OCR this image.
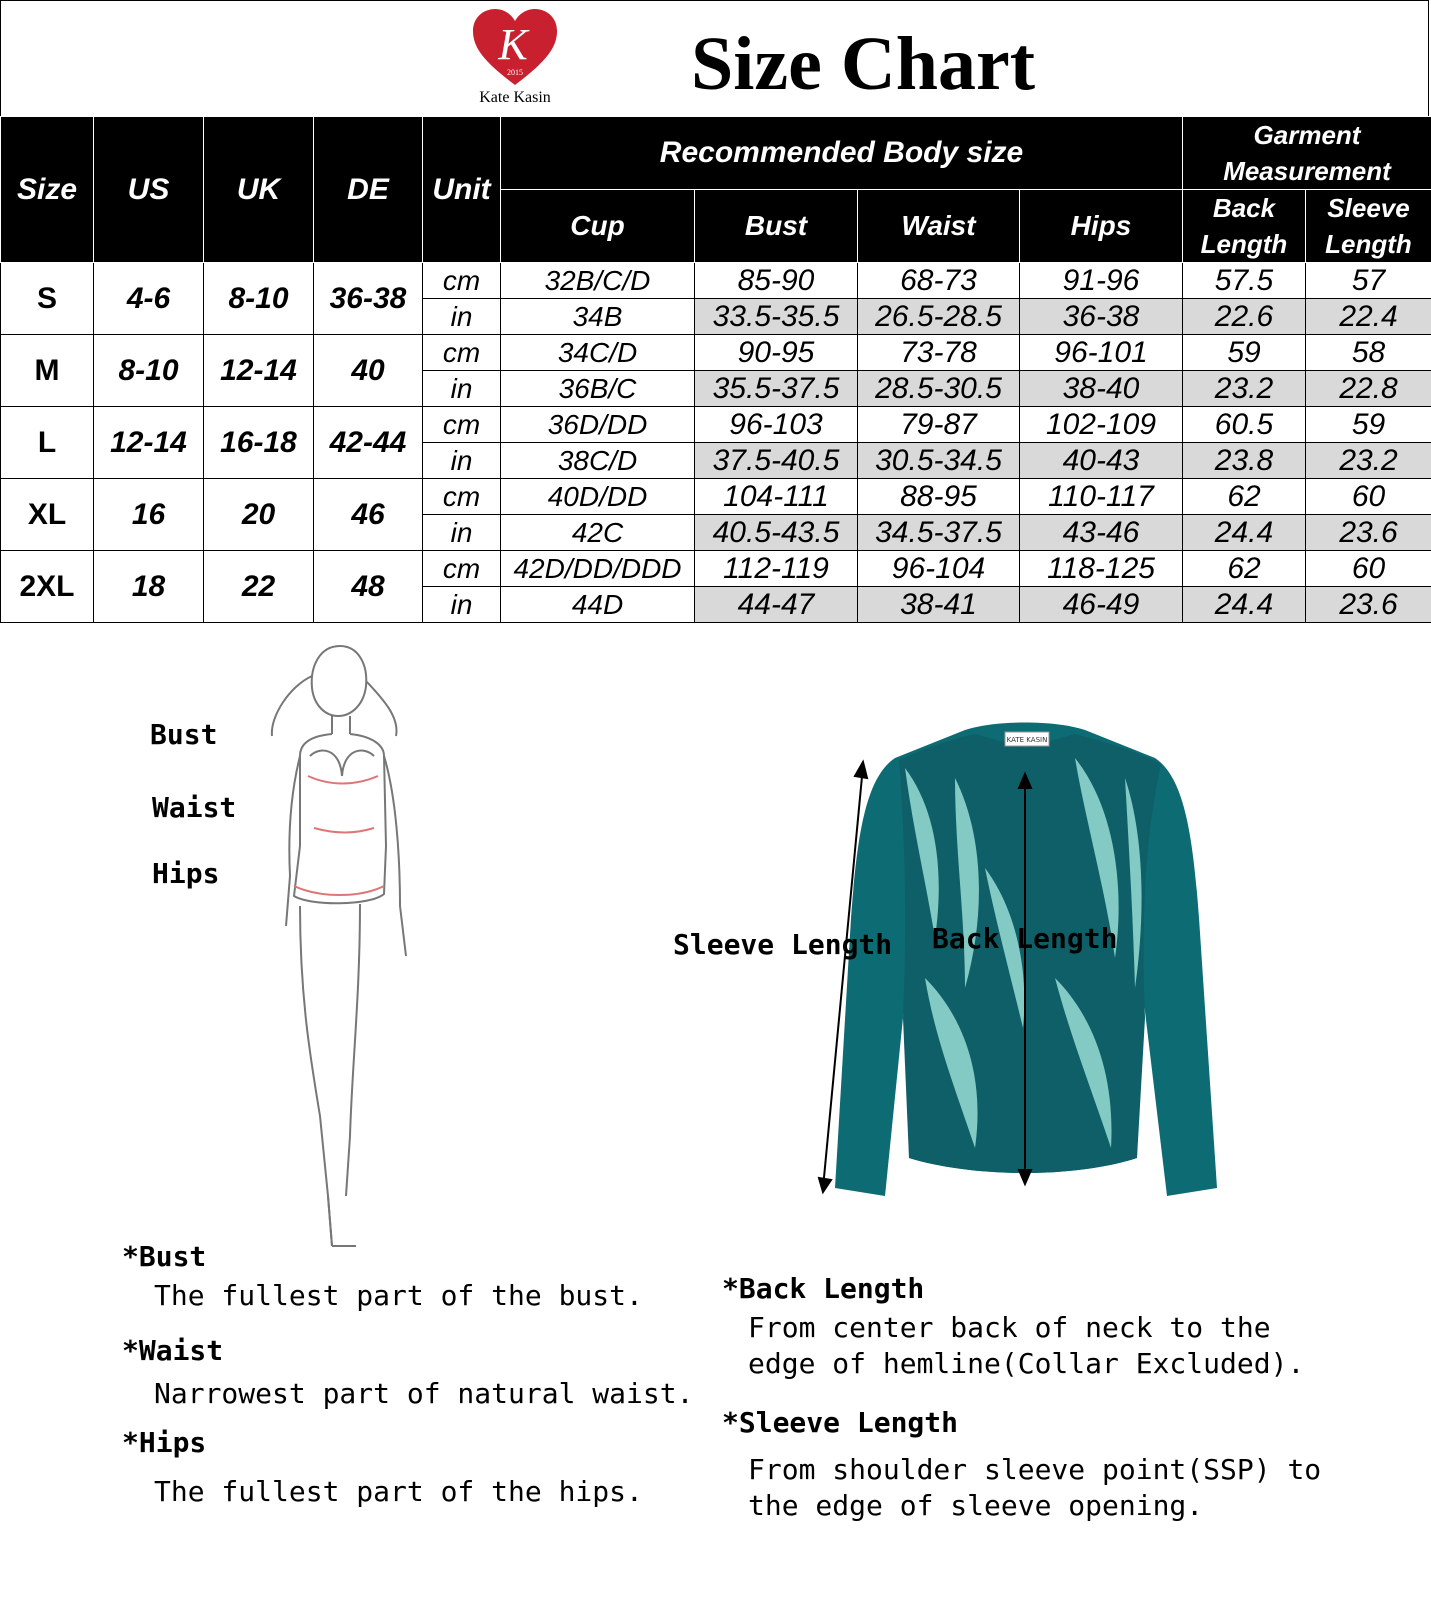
K
2015
Kate Kasin Size Chart
Size	US	UK	DE	Unit	Recommended Body size				Garment Measurement	
					Cup	Bust	Waist	Hips	Back Length	Sleeve Length
S	4-6	8-10	36-38	cm	32B/C/D	85-90	68-73	91-96	57.5	57
				in	34B	33.5-35.5	26.5-28.5	36-38	22.6	22.4
M	8-10	12-14	40	cm	34C/D	90-95	73-78	96-101	59	58
				in	36B/C	35.5-37.5	28.5-30.5	38-40	23.2	22.8
L	12-14	16-18	42-44	cm	36D/DD	96-103	79-87	102-109	60.5	59
				in	38C/D	37.5-40.5	30.5-34.5	40-43	23.8	23.2
XL	16	20	46	cm	40D/DD	104-111	88-95	110-117	62	60
				in	42C	40.5-43.5	34.5-37.5	43-46	24.4	23.6
2XL	18	22	48	cm	42D/DD/DDD	112-119	96-104	118-125	62	60
				in	44D	44-47	38-41	46-49	24.4	23.6
Bust
Waist
Hips
KATE KASIN
Sleeve Length Back Length
*Bust
The fullest part of the bust.
*Waist
Narrowest part of natural waist.
*Hips
The fullest part of the hips.
*Back Length
From center back of neck to the
edge of hemline(Collar Excluded).
*Sleeve Length
From shoulder sleeve point(SSP) to
the edge of sleeve opening.
